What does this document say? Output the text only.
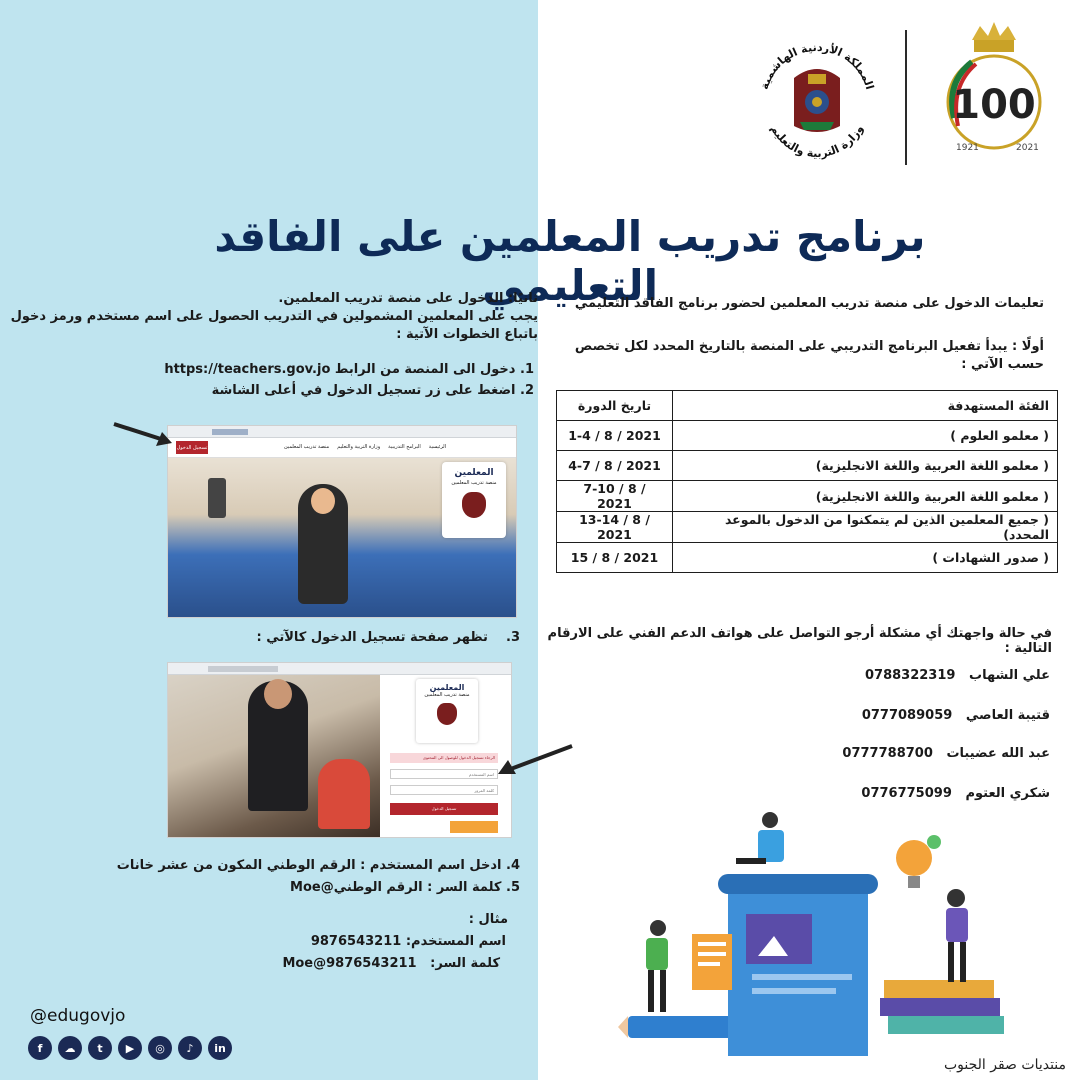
100
1921	2021
المملكة الأردنية الهاشمية
وزارة التربية والتعليم
برنامج تدريب المعلمين على الفاقد التعليمي
تعليمات الدخول على منصة تدريب المعلمين لحضور برنامج الفاقد التعليمي
أولًا : يبدأ تفعيل البرنامج التدريبي على المنصة بالتاريخ المحدد لكل تخصص
حسب الآتي :
الفئة المستهدفة	تاريخ الدورة
( معلمو العلوم )	1-4 / 8 / 2021
( معلمو اللغة العربية واللغة الانجليزية)	4-7 / 8 / 2021
( معلمو اللغة العربية واللغة الانجليزية)	7-10 / 8 / 2021
( جميع المعلمين الذين لم يتمكنوا من الدخول بالموعد المحدد)	13-14 / 8 / 2021
( صدور الشهادات )	15 / 8 / 2021
في حالة واجهتك أي مشكلة أرجو التواصل على هواتف الدعم الفني على الارقام التالية :
علي الشهاب   0788322319
قتيبة العاصي   0777089059
عبد الله عضيبات   0777788700
شكري العتوم   0776775099
ثانيًا: الدخول على منصة تدريب المعلمين.
يجب على المعلمين المشمولين في التدريب الحصول على اسم مستخدم ورمز دخول
باتباع الخطوات الآتية :
1. دخول الى المنصة من الرابط https://teachers.gov.jo
2. اضغط على زر تسجيل الدخول في أعلى الشاشة
تسجيل الدخول	الرئيسية
البرامج التدريبية
وزارة التربية والتعليم
منصة تدريب المعلمين
المعلمين
منصة تدريب المعلمين
3.    تظهر صفحة تسجيل الدخول كالآتي :
المعلمين
منصة تدريب المعلمين
الرجاء تسجيل الدخول للوصول الى المحتوى
اسم المستخدم
كلمة المرور
تسجيل الدخول
4. ادخل اسم المستخدم : الرقم الوطني المكون من عشر خانات
5. كلمة السر : الرقم الوطني@Moe
مثال :
اسم المستخدم: 9876543211
كلمة السر:   Moe@9876543211
@edugovjo
f	☁	t	▶	◎	♪	in
منتديات صقر الجنوب
